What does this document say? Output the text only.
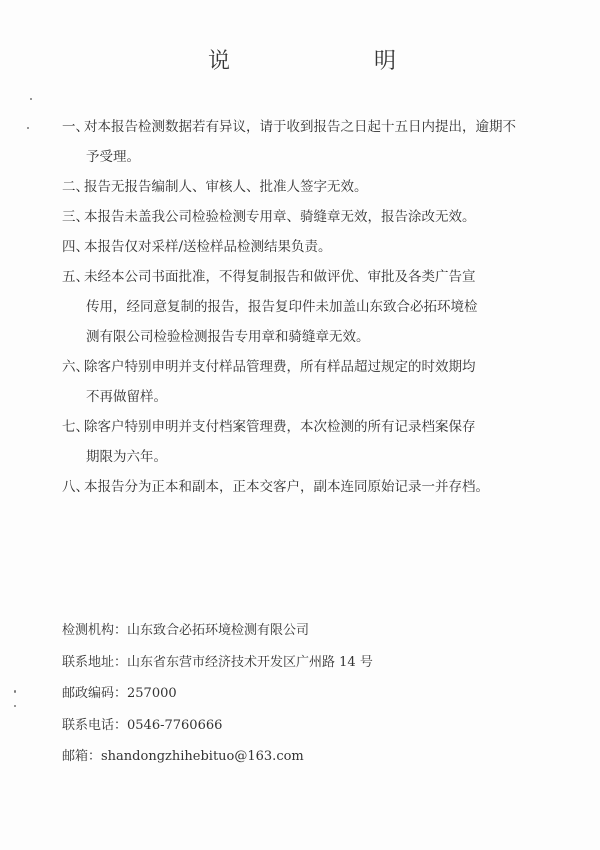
说	明
一、
对本报告检测数据若有异议，请于收到报告之日起十五日内提出，逾期不
予受理。
二、
报告无报告编制人、审核人、批准人签字无效。
三、
本报告未盖我公司检验检测专用章、骑缝章无效，报告涂改无效。
四、
本报告仅对采样/送检样品检测结果负责。
五、
未经本公司书面批准，不得复制报告和做评优、审批及各类广告宣
传用，经同意复制的报告，报告复印件未加盖山东致合必拓环境检
测有限公司检验检测报告专用章和骑缝章无效。
六、
除客户特别申明并支付样品管理费，所有样品超过规定的时效期均
不再做留样。
七、
除客户特别申明并支付档案管理费，本次检测的所有记录档案保存
期限为六年。
八、
本报告分为正本和副本，正本交客户，副本连同原始记录一并存档。
检测机构：山东致合必拓环境检测有限公司
联系地址：山东省东营市经济技术开发区广州路 14 号
邮政编码：257000
联系电话：0546-7760666
邮箱：shandongzhihebituo@163.com
